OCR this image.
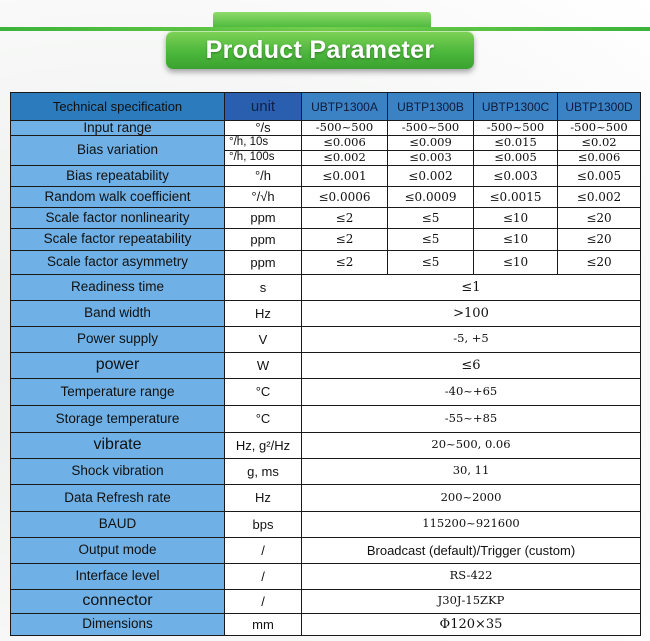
Product Parameter
Technical specification	unit	UBTP1300A	UBTP1300B	UBTP1300C	UBTP1300D
Input range	°/s	-500~500	-500~500	-500~500	-500~500
Bias variation	°/h, 10s	≤0.006	≤0.009	≤0.015	≤0.02
	°/h, 100s	≤0.002	≤0.003	≤0.005	≤0.006
Bias repeatability	°/h	≤0.001	≤0.002	≤0.003	≤0.005
Random walk coefficient	°/√h	≤0.0006	≤0.0009	≤0.0015	≤0.002
Scale factor nonlinearity	ppm	≤2	≤5	≤10	≤20
Scale factor repeatability	ppm	≤2	≤5	≤10	≤20
Scale factor asymmetry	ppm	≤2	≤5	≤10	≤20
Readiness time	s	≤1			
Band width	Hz	>100			
Power supply	V	-5, +5			
power	W	≤6			
Temperature range	°C	-40~+65			
Storage temperature	°C	-55~+85			
vibrate	Hz, g²/Hz	20~500, 0.06			
Shock vibration	g, ms	30, 11			
Data Refresh rate	Hz	200~2000			
BAUD	bps	115200~921600			
Output mode	/	Broadcast (default)/Trigger (custom)			
Interface level	/	RS-422			
connector	/	J30J-15ZKP			
Dimensions	mm	Φ120×35			
